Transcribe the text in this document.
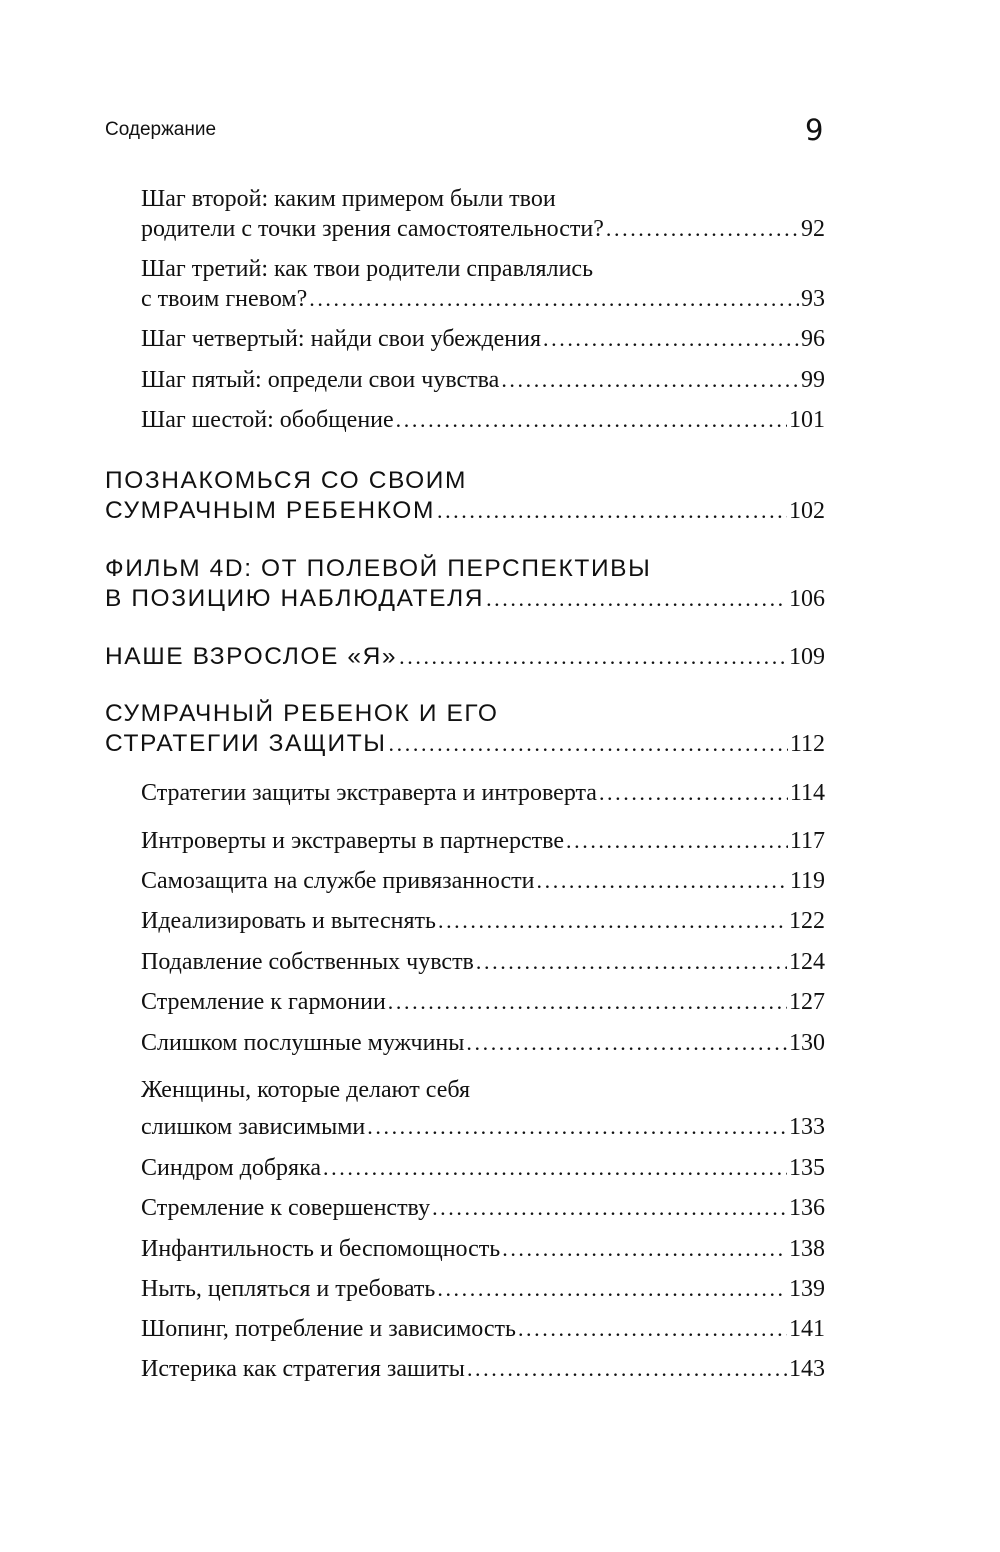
Содержание	9
Шаг второй: каким примером были твои
родители с точки зрения самостоятельности? .....	92
Шаг третий: как твои родители справлялись
с твоим гневом? .....	93
Шаг четвертый: найди свои убеждения .....	96
Шаг пятый: определи свои чувства .....	99
Шаг шестой: обобщение .....	101
ПОЗНАКОМЬСЯ СО СВОИМ
СУМРАЧНЫМ РЕБЕНКОМ .....	102
ФИЛЬМ 4D: ОТ ПОЛЕВОЙ ПЕРСПЕКТИВЫ
В ПОЗИЦИЮ НАБЛЮДАТЕЛЯ .....	106
НАШЕ ВЗРОСЛОЕ «Я» .....	109
СУМРАЧНЫЙ РЕБЕНОК И ЕГО
СТРАТЕГИИ ЗАЩИТЫ .....	112
Стратегии защиты экстраверта и интроверта .....	114
Интроверты и экстраверты в партнерстве .....	117
Самозащита на службе привязанности .....	119
Идеализировать и вытеснять .....	122
Подавление собственных чувств .....	124
Стремление к гармонии .....	127
Слишком послушные мужчины .....	130
Женщины, которые делают себя
слишком зависимыми .....	133
Синдром добряка .....	135
Стремление к совершенству .....	136
Инфантильность и беспомощность .....	138
Ныть, цепляться и требовать .....	139
Шопинг, потребление и зависимость .....	141
Истерика как стратегия зашиты .....	143
